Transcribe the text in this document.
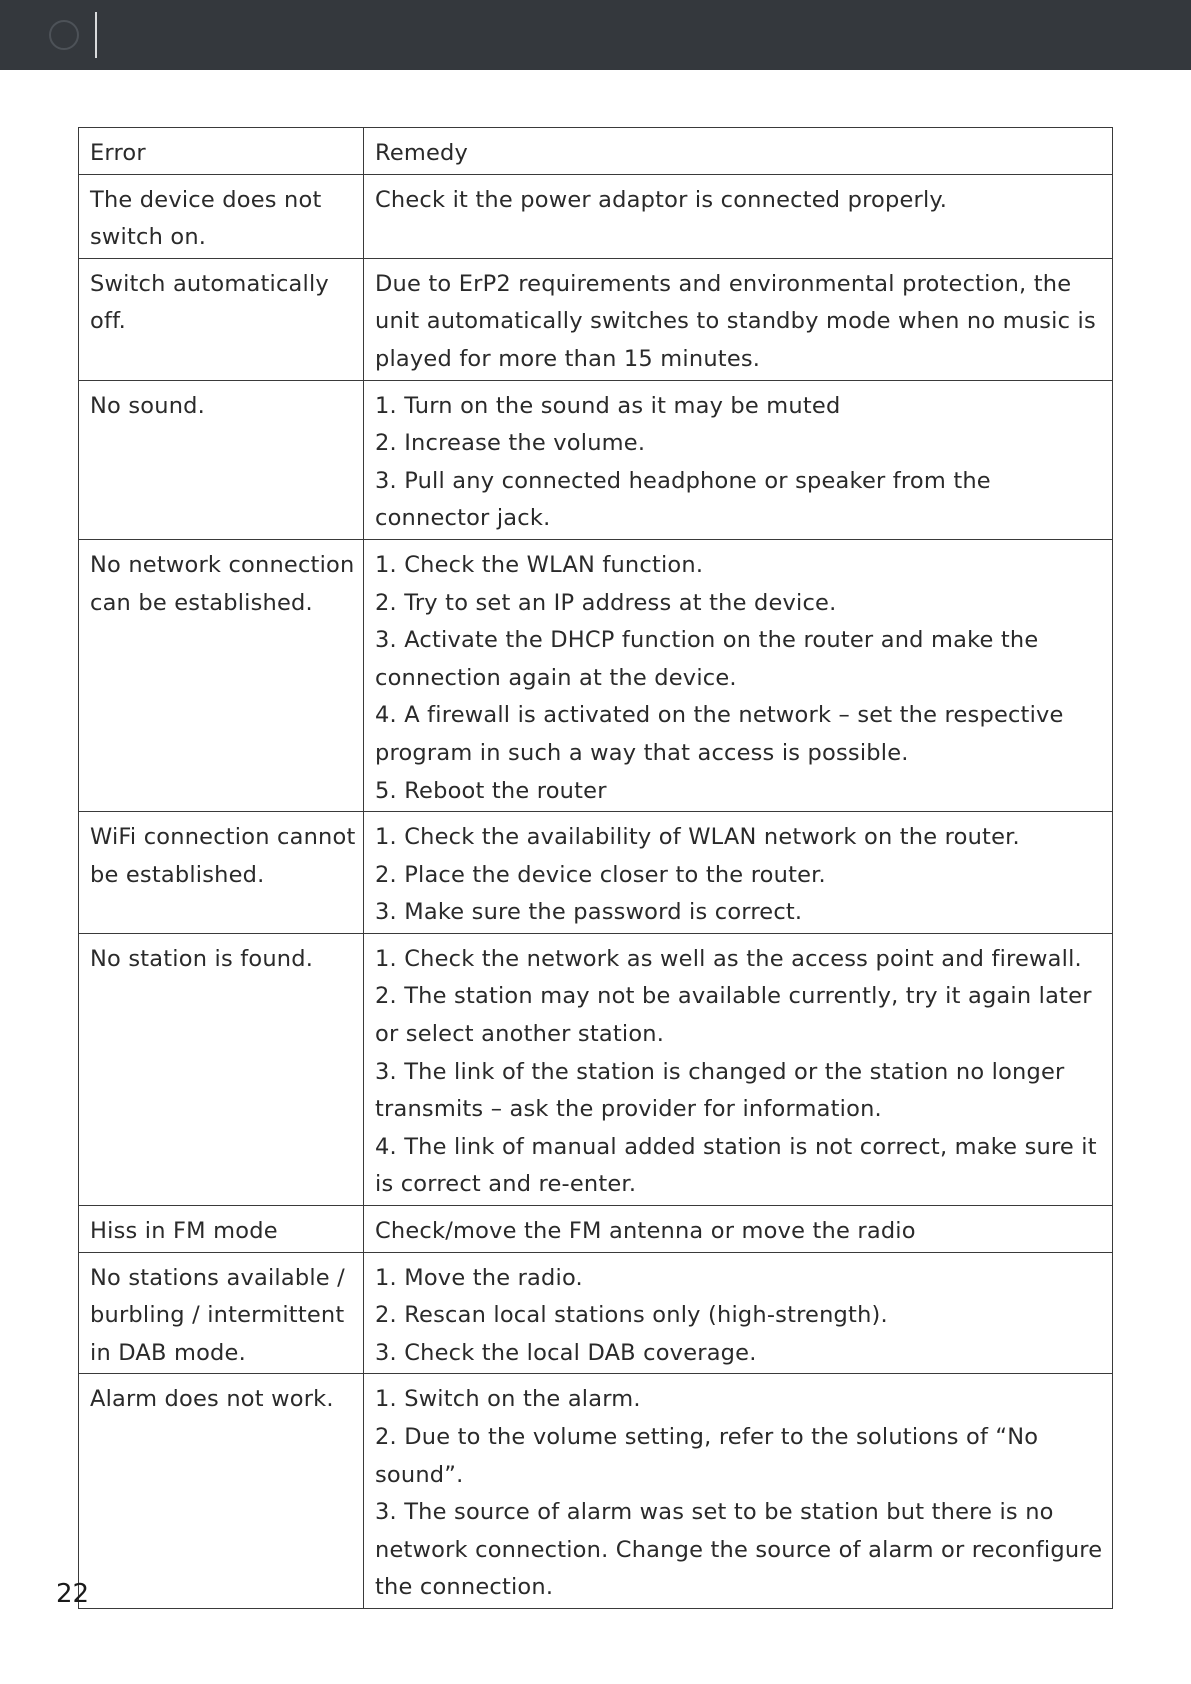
Error	Remedy
The device does not switch on.	Check it the power adaptor is connected properly.

Switch automatically off.	Due to ErP2 requirements and environmental protection, the unit automatically switches to standby mode when no music is played for more than 15 minutes.

No sound.	1. Turn on the sound as it may be muted
2. Increase the volume.
3. Pull any connected headphone or speaker from the connector jack.

No network connection can be established.	1. Check the WLAN function.
2. Try to set an IP address at the device.
3. Activate the DHCP function on the router and make the connection again at the device.
4. A firewall is activated on the network – set the respective program in such a way that access is possible.
5. Reboot the router

WiFi connection cannot be established.	1. Check the availability of WLAN network on the router.
2. Place the device closer to the router.
3. Make sure the password is correct.

No station is found.	1. Check the network as well as the access point and firewall.
2. The station may not be available currently, try it again later or select another station.
3. The link of the station is changed or the station no longer transmits – ask the provider for information.
4. The link of manual added station is not correct, make sure it is correct and re-enter.

Hiss in FM mode	Check/move the FM antenna or move the radio

No stations available / burbling / intermittent in DAB mode.	1. Move the radio.
2. Rescan local stations only (high-strength).
3. Check the local DAB coverage.

Alarm does not work.	1. Switch on the alarm.
2. Due to the volume setting, refer to the solutions of “No sound”.
3. The source of alarm was set to be station but there is no network connection. Change the source of alarm or reconfigure the connection.
22
